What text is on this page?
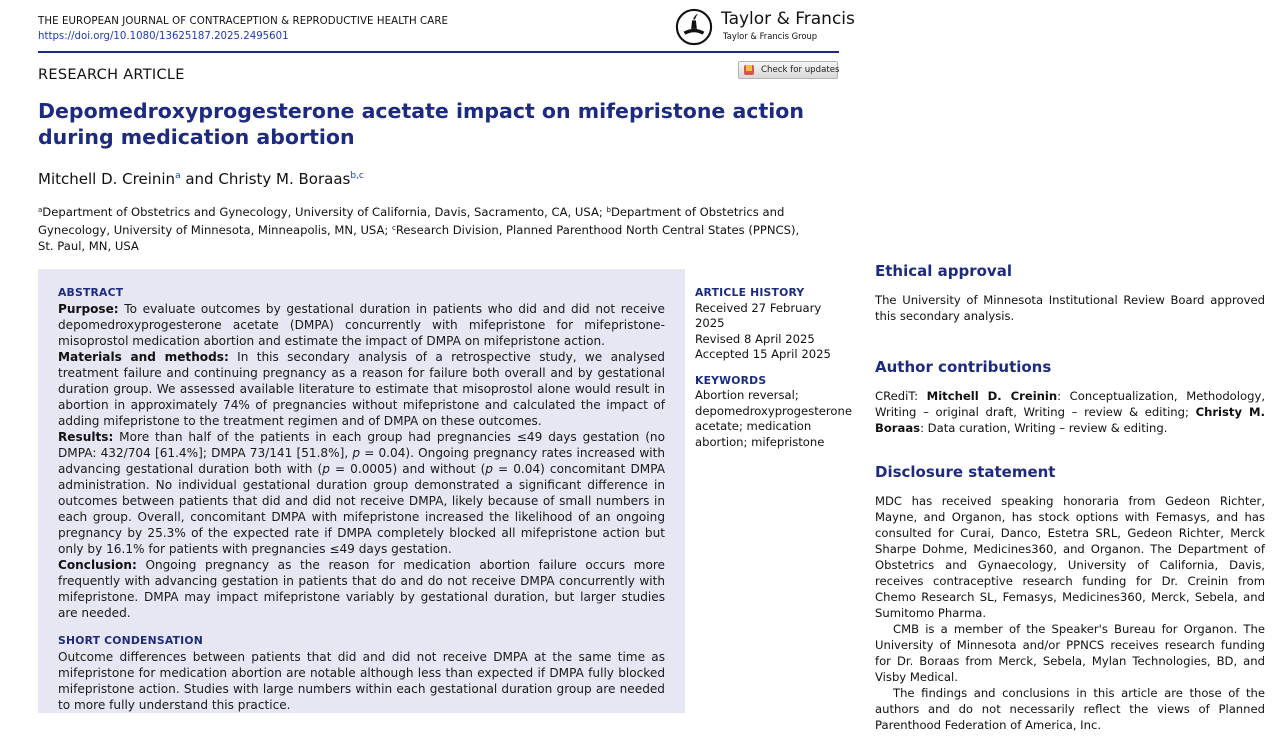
THE EUROPEAN JOURNAL OF CONTRACEPTION & REPRODUCTIVE HEALTH CARE
https://doi.org/10.1080/13625187.2025.2495601
Taylor & Francis
Taylor & Francis Group
Check for updates
RESEARCH ARTICLE
Depomedroxyprogesterone acetate impact on mifepristone action during medication abortion
Mitchell D. Creinin$^a$ and Christy M. Boraas$^{b,c}$
$^a$Department of Obstetrics and Gynecology, University of California, Davis, Sacramento, CA, USA; $^b$Department of Obstetrics and Gynecology, University of Minnesota, Minneapolis, MN, USA; $^c$Research Division, Planned Parenthood North Central States (PPNCS), St. Paul, MN, USA
ABSTRACT

Purpose: To evaluate outcomes by gestational duration in patients who did and did not receive depomedroxyprogesterone acetate (DMPA) concurrently with mifepristone for mifepristone-misoprostol medication abortion and estimate the impact of DMPA on mifepristone action.

Materials and methods: In this secondary analysis of a retrospective study, we analysed treatment failure and continuing pregnancy as a reason for failure both overall and by gestational duration group. We assessed available literature to estimate that misoprostol alone would result in abortion in approximately 74% of pregnancies without mifepristone and calculated the impact of adding mifepristone to the treatment regimen and of DMPA on these outcomes.

Results: More than half of the patients in each group had pregnancies ≤49 days gestation (no DMPA: 432/704 [61.4%]; DMPA 73/141 [51.8%], p = 0.04). Ongoing pregnancy rates increased with advancing gestational duration both with (p = 0.0005) and without (p = 0.04) concomitant DMPA administration. No individual gestational duration group demonstrated a significant difference in outcomes between patients that did and did not receive DMPA, likely because of small numbers in each group. Overall, concomitant DMPA with mifepristone increased the likelihood of an ongoing pregnancy by 25.3% of the expected rate if DMPA completely blocked all mifepristone action but only by 16.1% for patients with pregnancies ≤49 days gestation.

Conclusion: Ongoing pregnancy as the reason for medication abortion failure occurs more frequently with advancing gestation in patients that do and do not receive DMPA concurrently with mifepristone. DMPA may impact mifepristone variably by gestational duration, but larger studies are needed.

SHORT CONDENSATION

Outcome differences between patients that did and did not receive DMPA at the same time as mifepristone for medication abortion are notable although less than expected if DMPA fully blocked mifepristone action. Studies with large numbers within each gestational duration group are needed to more fully understand this practice.

ARTICLE HISTORY
Received 27 February 2025
Revised 8 April 2025
Accepted 15 April 2025
KEYWORDS
Abortion reversal; depomedroxyprogesterone acetate; medication abortion; mifepristone
Ethical approval
The University of Minnesota Institutional Review Board approved this secondary analysis.
Author contributions
CRediT: Mitchell D. Creinin: Conceptualization, Methodology, Writing – original draft, Writing – review & editing; Christy M. Boraas: Data curation, Writing – review & editing.
Disclosure statement

MDC has received speaking honoraria from Gedeon Richter, Mayne, and Organon, has stock options with Femasys, and has consulted for Curai, Danco, Estetra SRL, Gedeon Richter, Merck Sharpe Dohme, Medicines360, and Organon. The Department of Obstetrics and Gynaecology, University of California, Davis, receives contraceptive research funding for Dr. Creinin from Chemo Research SL, Femasys, Medicines360, Merck, Sebela, and Sumitomo Pharma.

CMB is a member of the Speaker's Bureau for Organon. The University of Minnesota and/or PPNCS receives research funding for Dr. Boraas from Merck, Sebela, Mylan Technologies, BD, and Visby Medical.

The findings and conclusions in this article are those of the authors and do not necessarily reflect the views of Planned Parenthood Federation of America, Inc.
